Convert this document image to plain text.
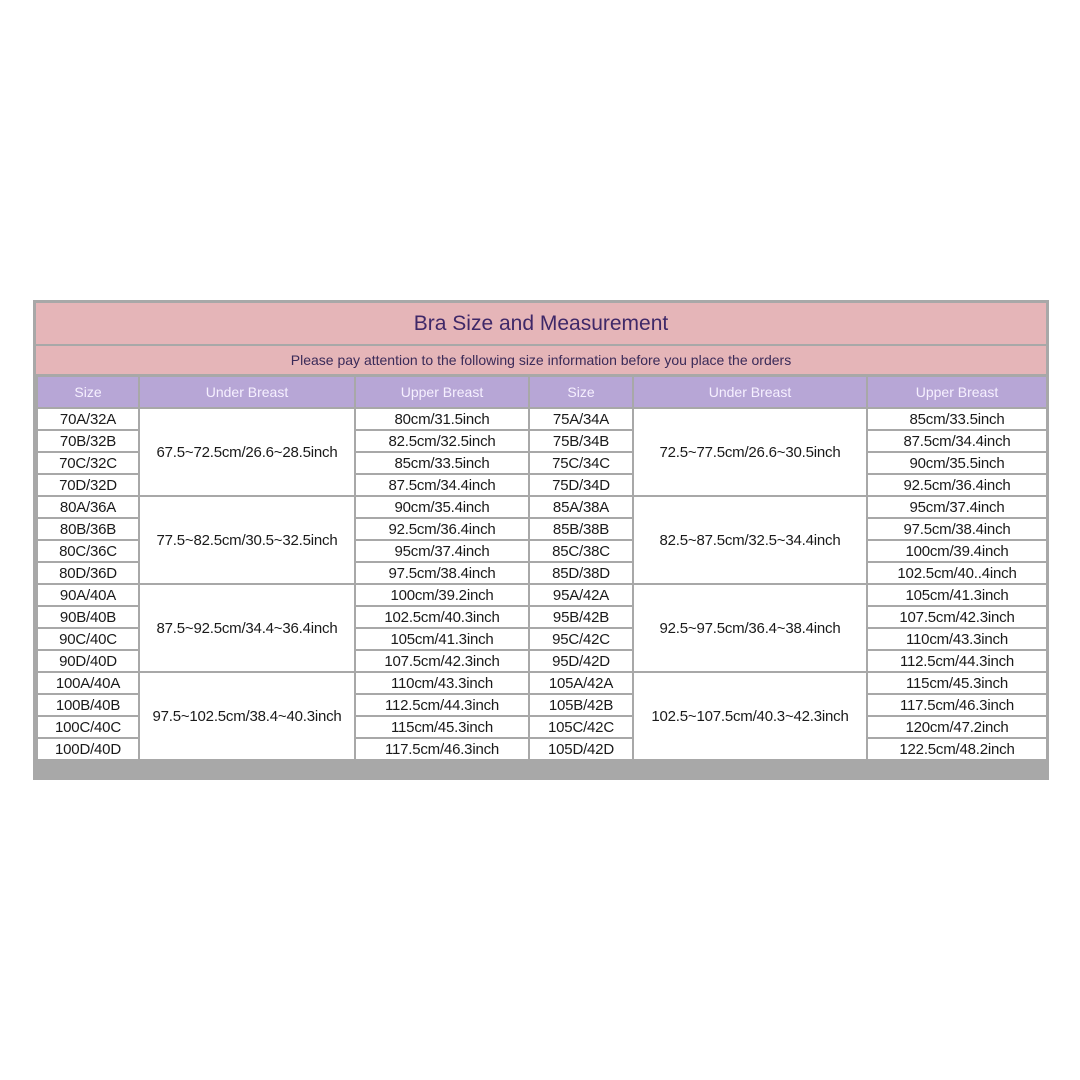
Bra Size and Measurement
Please pay attention to the following size information before you place the orders
Size	Under Breast	Upper Breast	Size	Under Breast	Upper Breast
70A/32A	67.5~72.5cm/26.6~28.5inch	80cm/31.5inch	75A/34A	72.5~77.5cm/26.6~30.5inch	85cm/33.5inch
70B/32B		82.5cm/32.5inch	75B/34B		87.5cm/34.4inch
70C/32C		85cm/33.5inch	75C/34C		90cm/35.5inch
70D/32D		87.5cm/34.4inch	75D/34D		92.5cm/36.4inch
80A/36A	77.5~82.5cm/30.5~32.5inch	90cm/35.4inch	85A/38A	82.5~87.5cm/32.5~34.4inch	95cm/37.4inch
80B/36B		92.5cm/36.4inch	85B/38B		97.5cm/38.4inch
80C/36C		95cm/37.4inch	85C/38C		100cm/39.4inch
80D/36D		97.5cm/38.4inch	85D/38D		102.5cm/40..4inch
90A/40A	87.5~92.5cm/34.4~36.4inch	100cm/39.2inch	95A/42A	92.5~97.5cm/36.4~38.4inch	105cm/41.3inch
90B/40B		102.5cm/40.3inch	95B/42B		107.5cm/42.3inch
90C/40C		105cm/41.3inch	95C/42C		110cm/43.3inch
90D/40D		107.5cm/42.3inch	95D/42D		112.5cm/44.3inch
100A/40A	97.5~102.5cm/38.4~40.3inch	110cm/43.3inch	105A/42A	102.5~107.5cm/40.3~42.3inch	115cm/45.3inch
100B/40B		112.5cm/44.3inch	105B/42B		117.5cm/46.3inch
100C/40C		115cm/45.3inch	105C/42C		120cm/47.2inch
100D/40D		117.5cm/46.3inch	105D/42D		122.5cm/48.2inch
